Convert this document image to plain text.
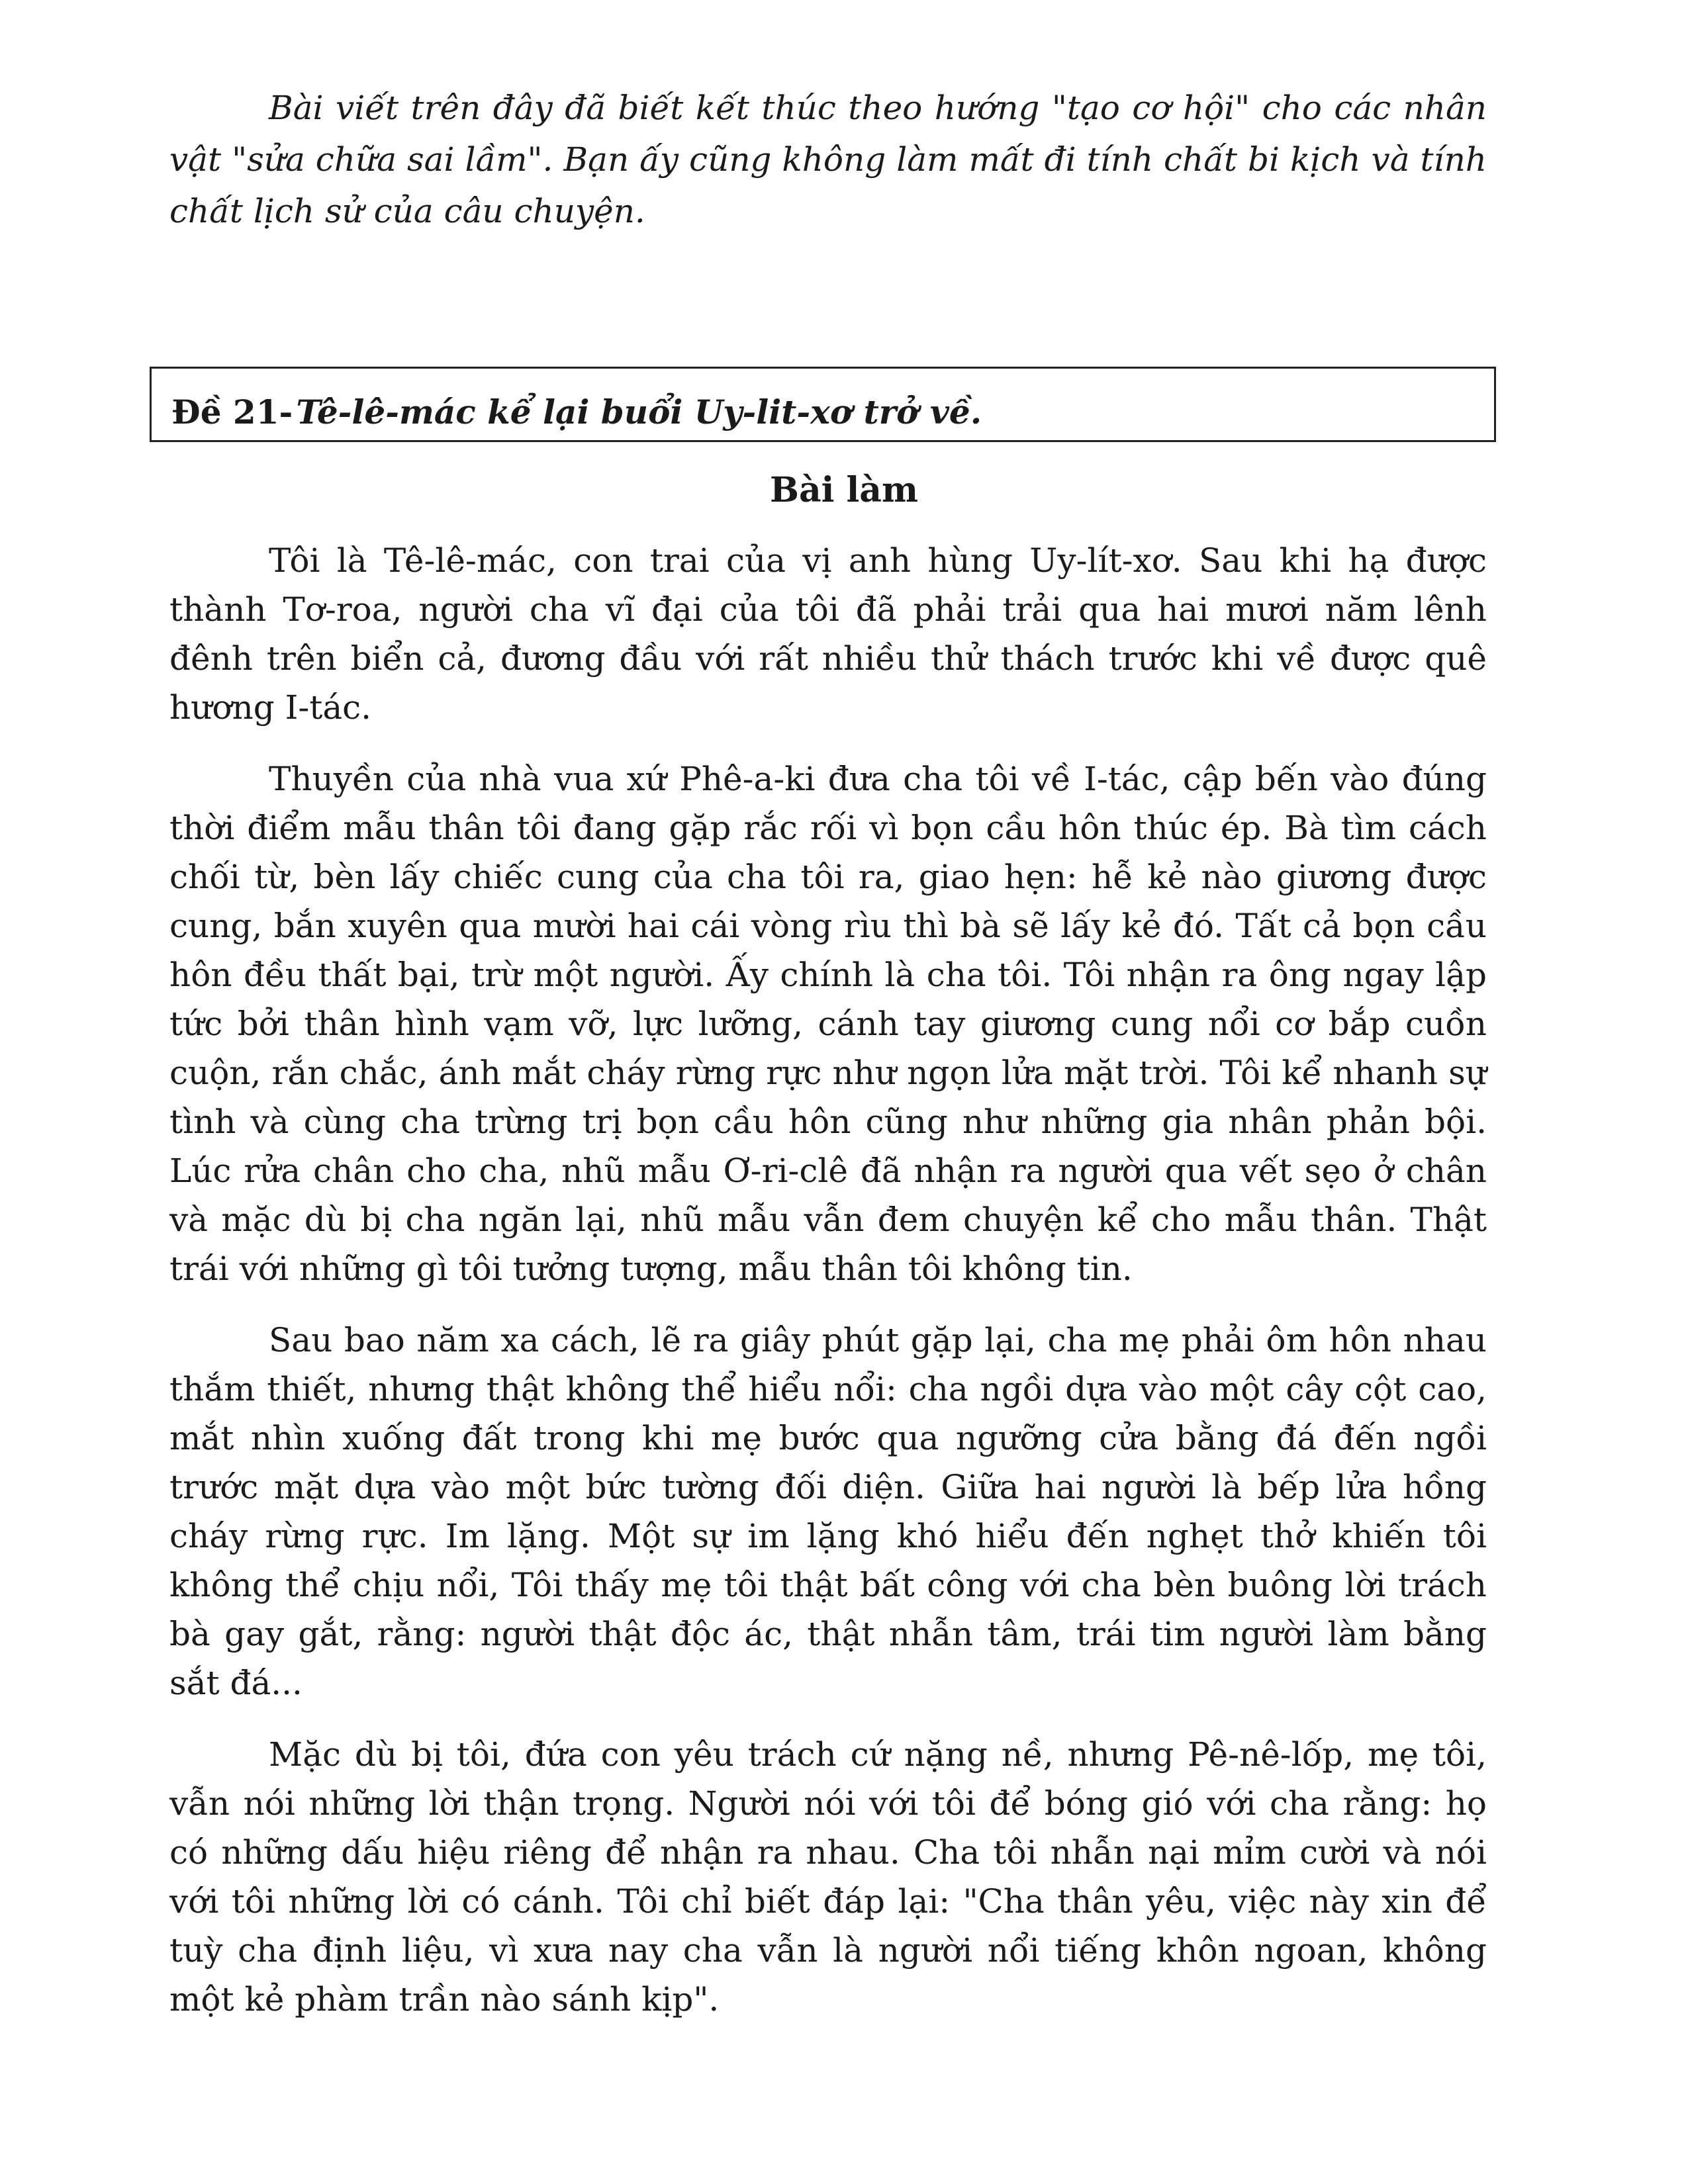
Bài viết trên đây đã biết kết thúc theo hướng "tạo cơ hội" cho các nhân vật "sửa chữa sai lầm". Bạn ấy cũng không làm mất đi tính chất bi kịch và tính chất lịch sử của câu chuyện.

Đề 21- Tê-lê-mác kể lại buổi Uy-lit-xơ trở về.
Bài làm

Tôi là Tê-lê-mác, con trai của vị anh hùng Uy-lít-xơ. Sau khi hạ được thành Tơ-roa, người cha vĩ đại của tôi đã phải trải qua hai mươi năm lênh đênh trên biển cả, đương đầu với rất nhiều thử thách trước khi về được quê hương I-tác.

Thuyền của nhà vua xứ Phê-a-ki đưa cha tôi về I-tác, cập bến vào đúng thời điểm mẫu thân tôi đang gặp rắc rối vì bọn cầu hôn thúc ép. Bà tìm cách chối từ, bèn lấy chiếc cung của cha tôi ra, giao hẹn: hễ kẻ nào giương được cung, bắn xuyên qua mười hai cái vòng rìu thì bà sẽ lấy kẻ đó. Tất cả bọn cầu hôn đều thất bại, trừ một người. Ấy chính là cha tôi. Tôi nhận ra ông ngay lập tức bởi thân hình vạm vỡ, lực lưỡng, cánh tay giương cung nổi cơ bắp cuồn cuộn, rắn chắc, ánh mắt cháy rừng rực như ngọn lửa mặt trời. Tôi kể nhanh sự tình và cùng cha trừng trị bọn cầu hôn cũng như những gia nhân phản bội. Lúc rửa chân cho cha, nhũ mẫu Ơ-ri-clê đã nhận ra người qua vết sẹo ở chân và mặc dù bị cha ngăn lại, nhũ mẫu vẫn đem chuyện kể cho mẫu thân. Thật trái với những gì tôi tưởng tượng, mẫu thân tôi không tin.

Sau bao năm xa cách, lẽ ra giây phút gặp lại, cha mẹ phải ôm hôn nhau thắm thiết, nhưng thật không thể hiểu nổi: cha ngồi dựa vào một cây cột cao, mắt nhìn xuống đất trong khi mẹ bước qua ngưỡng cửa bằng đá đến ngồi trước mặt dựa vào một bức tường đối diện. Giữa hai người là bếp lửa hồng cháy rừng rực. Im lặng. Một sự im lặng khó hiểu đến nghẹt thở khiến tôi không thể chịu nổi, Tôi thấy mẹ tôi thật bất công với cha bèn buông lời trách bà gay gắt, rằng: người thật độc ác, thật nhẫn tâm, trái tim người làm bằng sắt đá...

Mặc dù bị tôi, đứa con yêu trách cứ nặng nề, nhưng Pê-nê-lốp, mẹ tôi, vẫn nói những lời thận trọng. Người nói với tôi để bóng gió với cha rằng: họ có những dấu hiệu riêng để nhận ra nhau. Cha tôi nhẫn nại mỉm cười và nói với tôi những lời có cánh. Tôi chỉ biết đáp lại: "Cha thân yêu, việc này xin để tuỳ cha định liệu, vì xưa nay cha vẫn là người nổi tiếng khôn ngoan, không một kẻ phàm trần nào sánh kịp".
